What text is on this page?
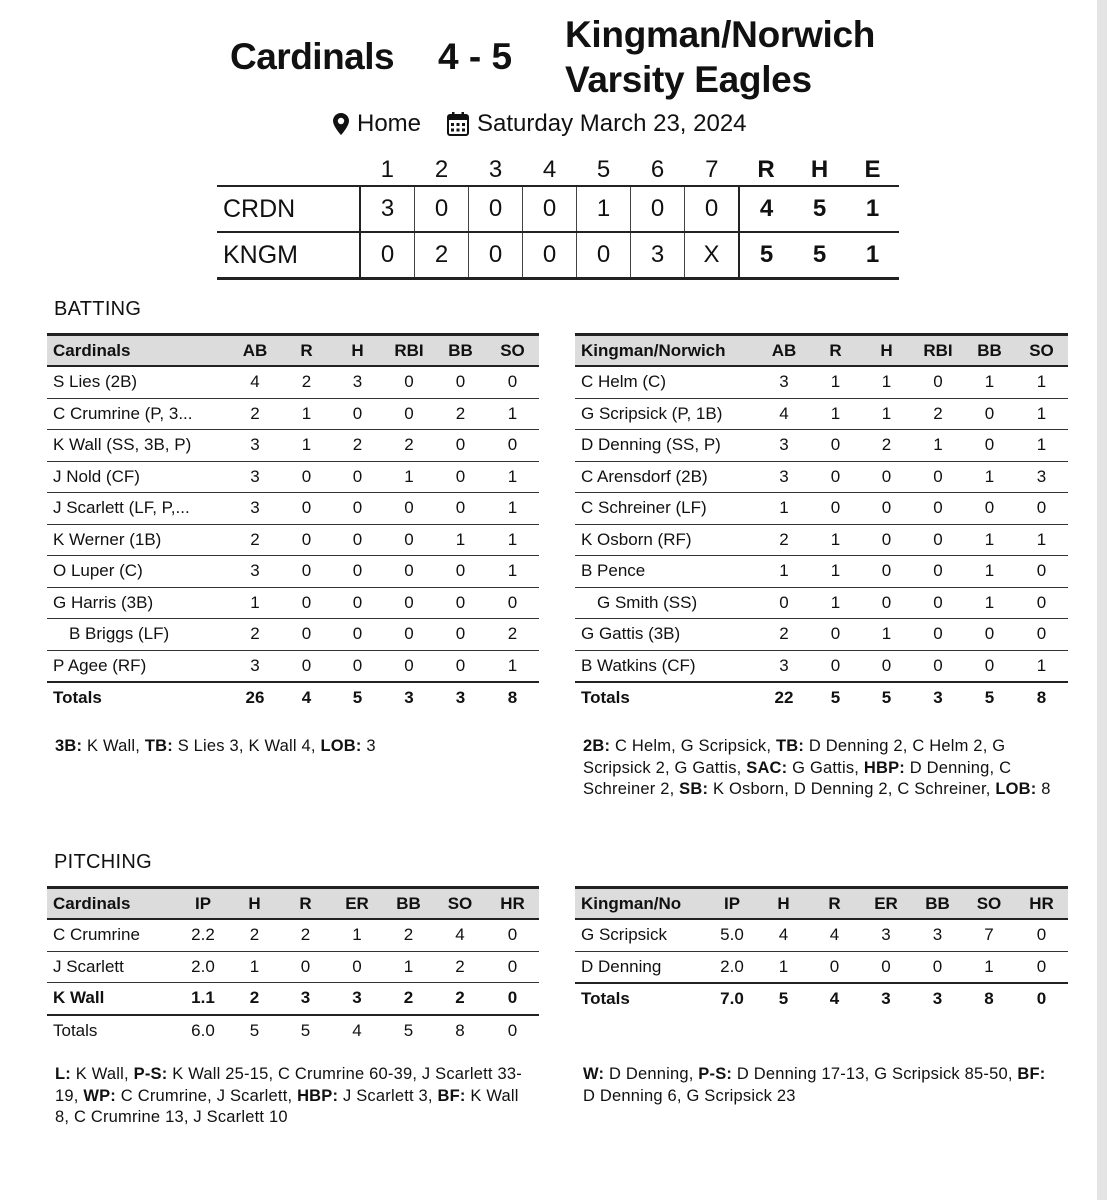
Cardinals 4 - 5
Kingman/Norwich
Varsity Eagles
Home Saturday March 23, 2024
	1	2	3	4	5	6	7	R	H	E
CRDN	3	0	0	0	1	0	0	4	5	1
KNGM	0	2	0	0	0	3	X	5	5	1
BATTING
Cardinals	AB	R	H	RBI	BB	SO
S Lies (2B)	4	2	3	0	0	0
C Crumrine (P, 3...	2	1	0	0	2	1
K Wall (SS, 3B, P)	3	1	2	2	0	0
J Nold (CF)	3	0	0	1	0	1
J Scarlett (LF, P,...	3	0	0	0	0	1
K Werner (1B)	2	0	0	0	1	1
O Luper (C)	3	0	0	0	0	1
G Harris (3B)	1	0	0	0	0	0
B Briggs (LF)	2	0	0	0	0	2
P Agee (RF)	3	0	0	0	0	1
Totals	26	4	5	3	3	8
Kingman/Norwich	AB	R	H	RBI	BB	SO
C Helm (C)	3	1	1	0	1	1
G Scripsick (P, 1B)	4	1	1	2	0	1
D Denning (SS, P)	3	0	2	1	0	1
C Arensdorf (2B)	3	0	0	0	1	3
C Schreiner (LF)	1	0	0	0	0	0
K Osborn (RF)	2	1	0	0	1	1
B Pence	1	1	0	0	1	0
G Smith (SS)	0	1	0	0	1	0
G Gattis (3B)	2	0	1	0	0	0
B Watkins (CF)	3	0	0	0	0	1
Totals	22	5	5	3	5	8
3B: K Wall, TB: S Lies 3, K Wall 4, LOB: 3	2B: C Helm, G Scripsick, TB: D Denning 2, C Helm 2, G Scripsick 2, G Gattis, SAC: G Gattis, HBP: D Denning, C Schreiner 2, SB: K Osborn, D Denning 2, C Schreiner, LOB: 8
PITCHING
Cardinals	IP	H	R	ER	BB	SO	HR
C Crumrine	2.2	2	2	1	2	4	0
J Scarlett	2.0	1	0	0	1	2	0
K Wall	1.1	2	3	3	2	2	0
Totals	6.0	5	5	4	5	8	0
Kingman/No	IP	H	R	ER	BB	SO	HR
G Scripsick	5.0	4	4	3	3	7	0
D Denning	2.0	1	0	0	0	1	0
Totals	7.0	5	4	3	3	8	0
L: K Wall, P-S: K Wall 25-15, C Crumrine 60-39, J Scarlett 33-19, WP: C Crumrine, J Scarlett, HBP: J Scarlett 3, BF: K Wall 8, C Crumrine 13, J Scarlett 10
W: D Denning, P-S: D Denning 17-13, G Scripsick 85-50, BF: D Denning 6, G Scripsick 23
